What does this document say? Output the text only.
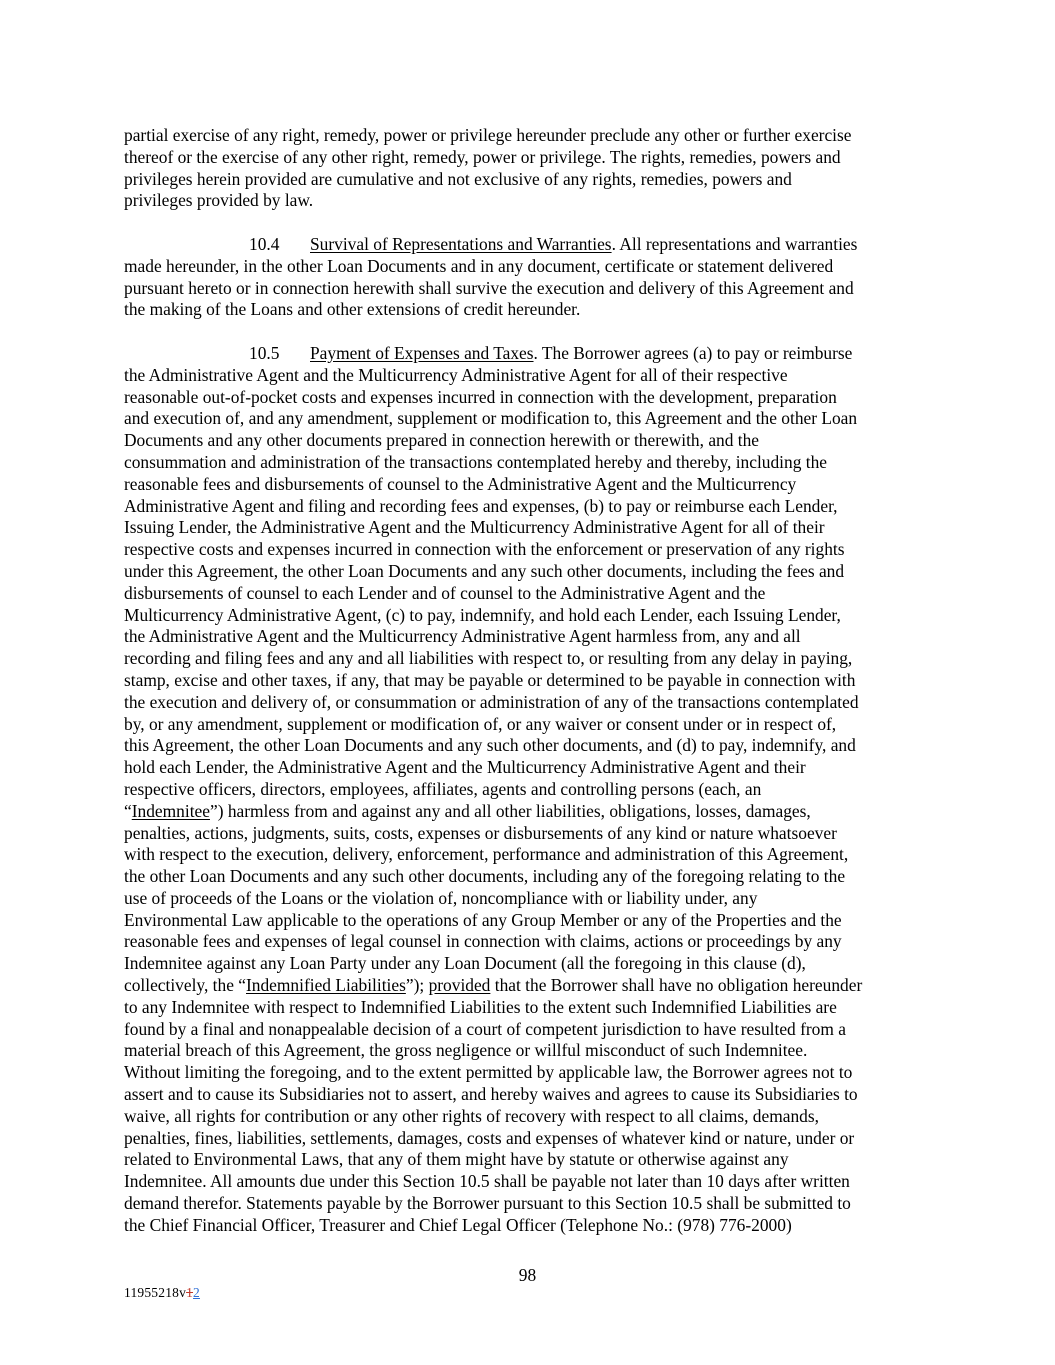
partial exercise of any right, remedy, power or privilege hereunder preclude any other or further exercise
thereof or the exercise of any other right, remedy, power or privilege. The rights, remedies, powers and
privileges herein provided are cumulative and not exclusive of any rights, remedies, powers and
privileges provided by law.

10.4 Survival of Representations and Warranties. All representations and warranties
made hereunder, in the other Loan Documents and in any document, certificate or statement delivered
pursuant hereto or in connection herewith shall survive the execution and delivery of this Agreement and
the making of the Loans and other extensions of credit hereunder.

10.5 Payment of Expenses and Taxes. The Borrower agrees (a) to pay or reimburse
the Administrative Agent and the Multicurrency Administrative Agent for all of their respective
reasonable out-of-pocket costs and expenses incurred in connection with the development, preparation
and execution of, and any amendment, supplement or modification to, this Agreement and the other Loan
Documents and any other documents prepared in connection herewith or therewith, and the
consummation and administration of the transactions contemplated hereby and thereby, including the
reasonable fees and disbursements of counsel to the Administrative Agent and the Multicurrency
Administrative Agent and filing and recording fees and expenses, (b) to pay or reimburse each Lender,
Issuing Lender, the Administrative Agent and the Multicurrency Administrative Agent for all of their
respective costs and expenses incurred in connection with the enforcement or preservation of any rights
under this Agreement, the other Loan Documents and any such other documents, including the fees and
disbursements of counsel to each Lender and of counsel to the Administrative Agent and the
Multicurrency Administrative Agent, (c) to pay, indemnify, and hold each Lender, each Issuing Lender,
the Administrative Agent and the Multicurrency Administrative Agent harmless from, any and all
recording and filing fees and any and all liabilities with respect to, or resulting from any delay in paying,
stamp, excise and other taxes, if any, that may be payable or determined to be payable in connection with
the execution and delivery of, or consummation or administration of any of the transactions contemplated
by, or any amendment, supplement or modification of, or any waiver or consent under or in respect of,
this Agreement, the other Loan Documents and any such other documents, and (d) to pay, indemnify, and
hold each Lender, the Administrative Agent and the Multicurrency Administrative Agent and their
respective officers, directors, employees, affiliates, agents and controlling persons (each, an
“Indemnitee”) harmless from and against any and all other liabilities, obligations, losses, damages,
penalties, actions, judgments, suits, costs, expenses or disbursements of any kind or nature whatsoever
with respect to the execution, delivery, enforcement, performance and administration of this Agreement,
the other Loan Documents and any such other documents, including any of the foregoing relating to the
use of proceeds of the Loans or the violation of, noncompliance with or liability under, any
Environmental Law applicable to the operations of any Group Member or any of the Properties and the
reasonable fees and expenses of legal counsel in connection with claims, actions or proceedings by any
Indemnitee against any Loan Party under any Loan Document (all the foregoing in this clause (d),
collectively, the “Indemnified Liabilities”); provided that the Borrower shall have no obligation hereunder
to any Indemnitee with respect to Indemnified Liabilities to the extent such Indemnified Liabilities are
found by a final and nonappealable decision of a court of competent jurisdiction to have resulted from a
material breach of this Agreement, the gross negligence or willful misconduct of such Indemnitee.
Without limiting the foregoing, and to the extent permitted by applicable law, the Borrower agrees not to
assert and to cause its Subsidiaries not to assert, and hereby waives and agrees to cause its Subsidiaries to
waive, all rights for contribution or any other rights of recovery with respect to all claims, demands,
penalties, fines, liabilities, settlements, damages, costs and expenses of whatever kind or nature, under or
related to Environmental Laws, that any of them might have by statute or otherwise against any
Indemnitee. All amounts due under this Section 10.5 shall be payable not later than 10 days after written
demand therefor. Statements payable by the Borrower pursuant to this Section 10.5 shall be submitted to
the Chief Financial Officer, Treasurer and Chief Legal Officer (Telephone No.: (978) 776-2000)

98
11955218v12
